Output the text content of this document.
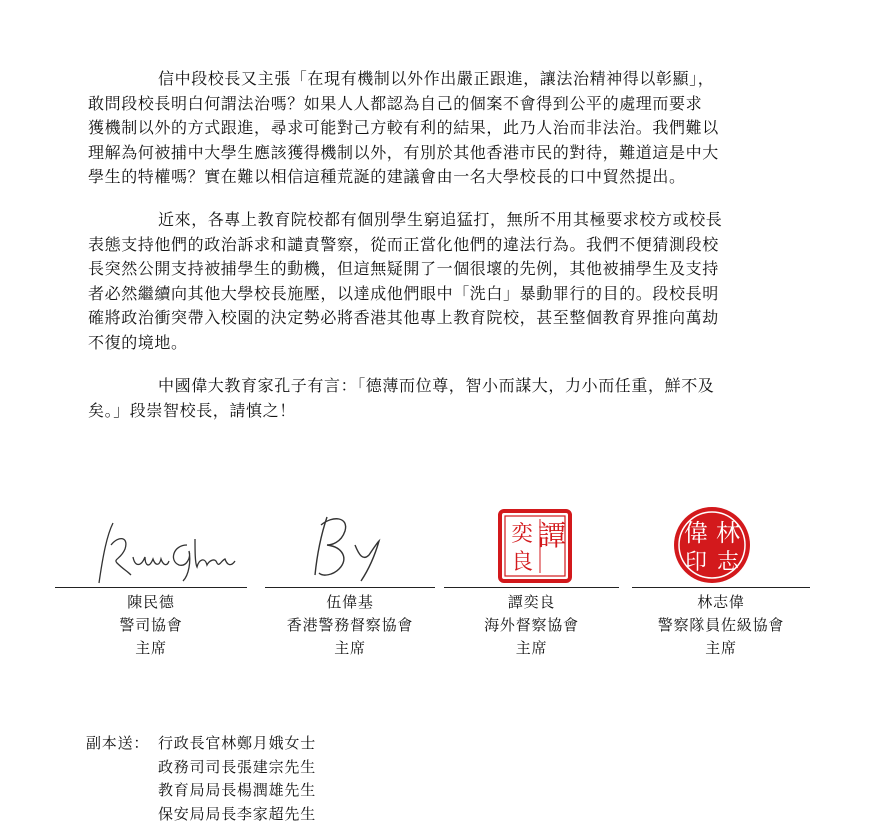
信中段校長又主張「在現有機制以外作出嚴正跟進，讓法治精神得以彰顯」，
敢問段校長明白何謂法治嗎？如果人人都認為自己的個案不會得到公平的處理而要求
獲機制以外的方式跟進，尋求可能對己方較有利的結果，此乃人治而非法治。我們難以
理解為何被捕中大學生應該獲得機制以外，有別於其他香港市民的對待，難道這是中大
學生的特權嗎？實在難以相信這種荒誕的建議會由一名大學校長的口中貿然提出。
近來，各專上教育院校都有個別學生窮追猛打，無所不用其極要求校方或校長
表態支持他們的政治訴求和譴責警察，從而正當化他們的違法行為。我們不便猜測段校
長突然公開支持被捕學生的動機，但這無疑開了一個很壞的先例，其他被捕學生及支持
者必然繼續向其他大學校長施壓，以達成他們眼中「洗白」暴動罪行的目的。段校長明
確將政治衝突帶入校園的決定勢必將香港其他專上教育院校，甚至整個教育界推向萬劫
不復的境地。
中國偉大教育家孔子有言：「德薄而位尊，智小而謀大，力小而任重，鮮不及
矣。」段崇智校長，請慎之！
陳民德
警司協會
主席
伍偉基
香港警務督察協會
主席
譚
奕
良
譚奕良
海外督察協會
主席
偉 林
印 志
林志偉
警察隊員佐級協會
主席
副本送： 行政長官林鄭月娥女士
政務司司長張建宗先生
教育局局長楊潤雄先生
保安局局長李家超先生
